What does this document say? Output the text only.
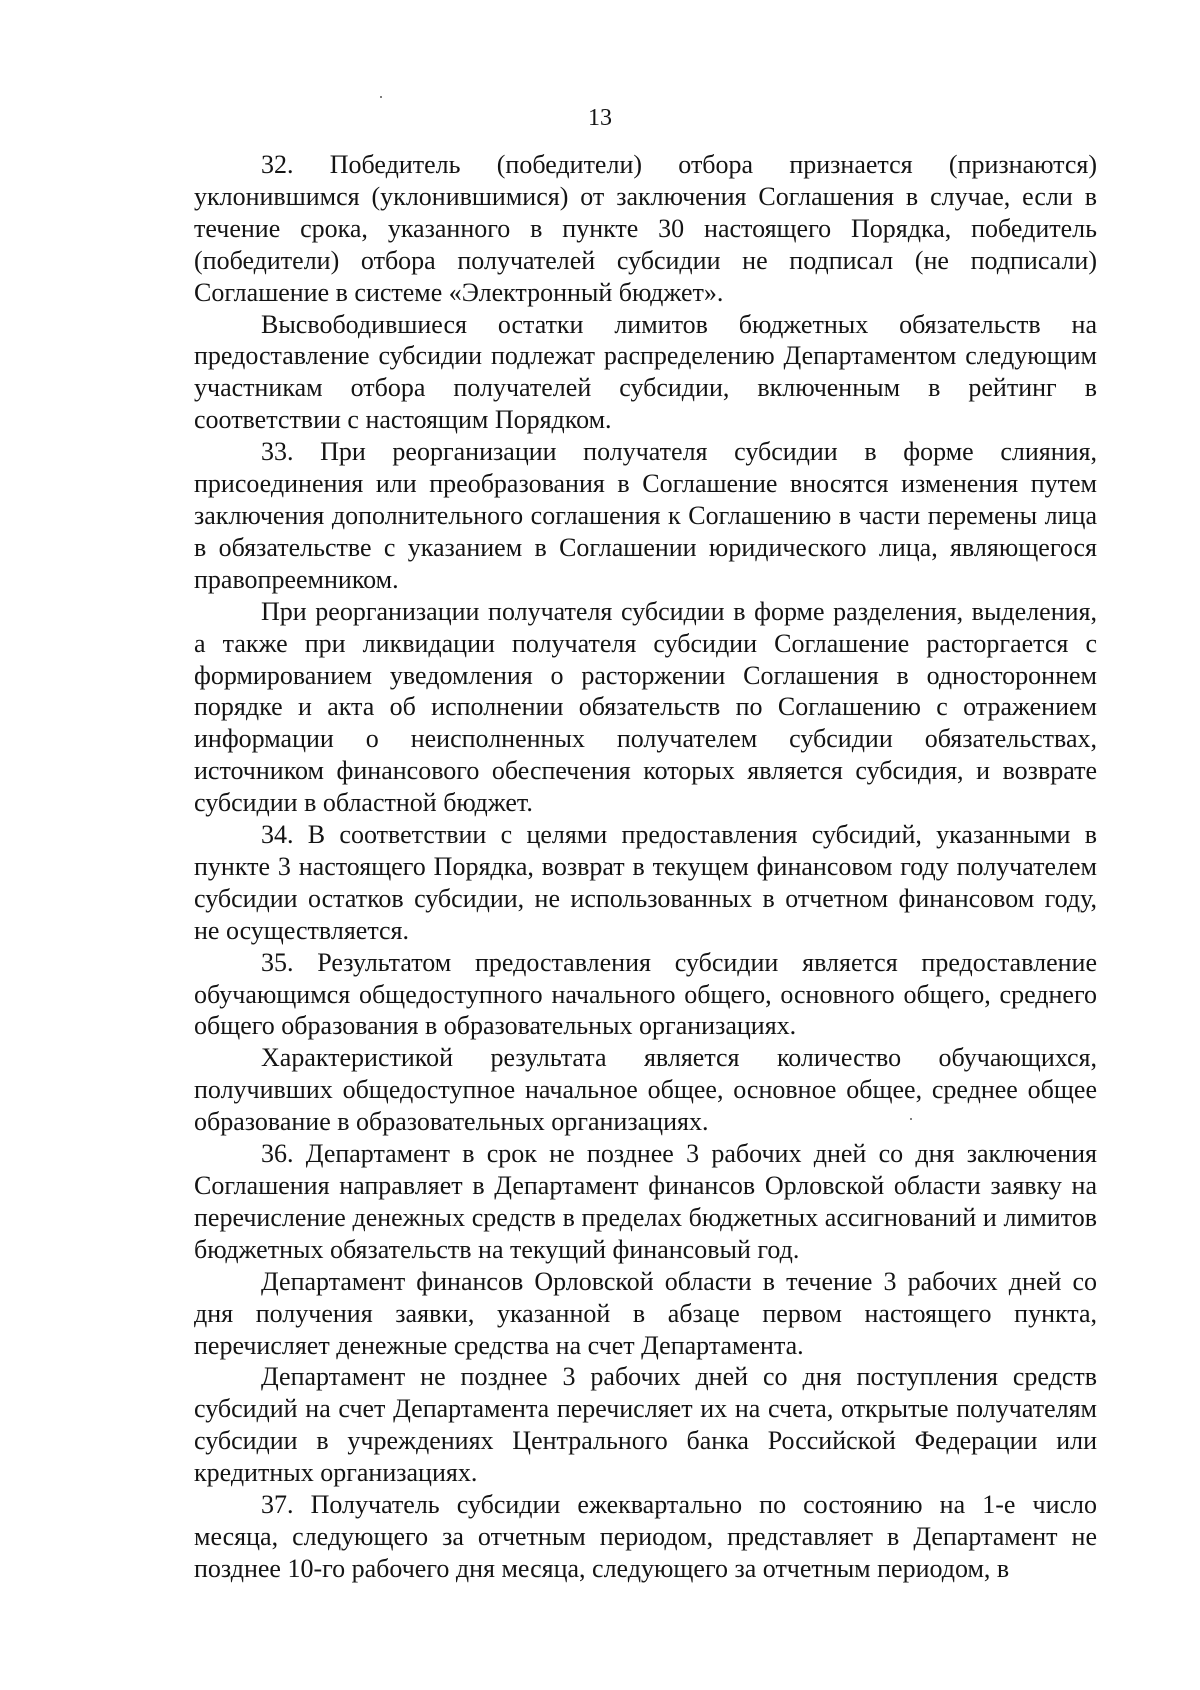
13

32. Победитель (победители) отбора признается (признаются) уклонившимся (уклонившимися) от заключения Соглашения в случае, если в течение срока, указанного в пункте 30 настоящего Порядка, победитель (победители) отбора получателей субсидии не подписал (не подписали) Соглашение в системе «Электронный бюджет».

Высвободившиеся остатки лимитов бюджетных обязательств на предоставление субсидии подлежат распределению Департаментом следующим участникам отбора получателей субсидии, включенным в рейтинг в соответствии с настоящим Порядком.

33. При реорганизации получателя субсидии в форме слияния, присоединения или преобразования в Соглашение вносятся изменения путем заключения дополнительного соглашения к Соглашению в части перемены лица в обязательстве с указанием в Соглашении юридического лица, являющегося правопреемником.

При реорганизации получателя субсидии в форме разделения, выделения, а также при ликвидации получателя субсидии Соглашение расторгается с формированием уведомления о расторжении Соглашения в одностороннем порядке и акта об исполнении обязательств по Соглашению с отражением информации о неисполненных получателем субсидии обязательствах, источником финансового обеспечения которых является субсидия, и возврате субсидии в областной бюджет.

34. В соответствии с целями предоставления субсидий, указанными в пункте 3 настоящего Порядка, возврат в текущем финансовом году получателем субсидии остатков субсидии, не использованных в отчетном финансовом году, не осуществляется.

35. Результатом предоставления субсидии является предоставление обучающимся общедоступного начального общего, основного общего, среднего общего образования в образовательных организациях.

Характеристикой результата является количество обучающихся, получивших общедоступное начальное общее, основное общее, среднее общее образование в образовательных организациях.

36. Департамент в срок не позднее 3 рабочих дней со дня заключения Соглашения направляет в Департамент финансов Орловской области заявку на перечисление денежных средств в пределах бюджетных ассигнований и лимитов бюджетных обязательств на текущий финансовый год.

Департамент финансов Орловской области в течение 3 рабочих дней со дня получения заявки, указанной в абзаце первом настоящего пункта, перечисляет денежные средства на счет Департамента.

Департамент не позднее 3 рабочих дней со дня поступления средств субсидий на счет Департамента перечисляет их на счета, открытые получателям субсидии в учреждениях Центрального банка Российской Федерации или кредитных организациях.

37. Получатель субсидии ежеквартально по состоянию на 1-е число месяца, следующего за отчетным периодом, представляет в Департамент не позднее 10-го рабочего дня месяца, следующего за отчетным периодом, в
